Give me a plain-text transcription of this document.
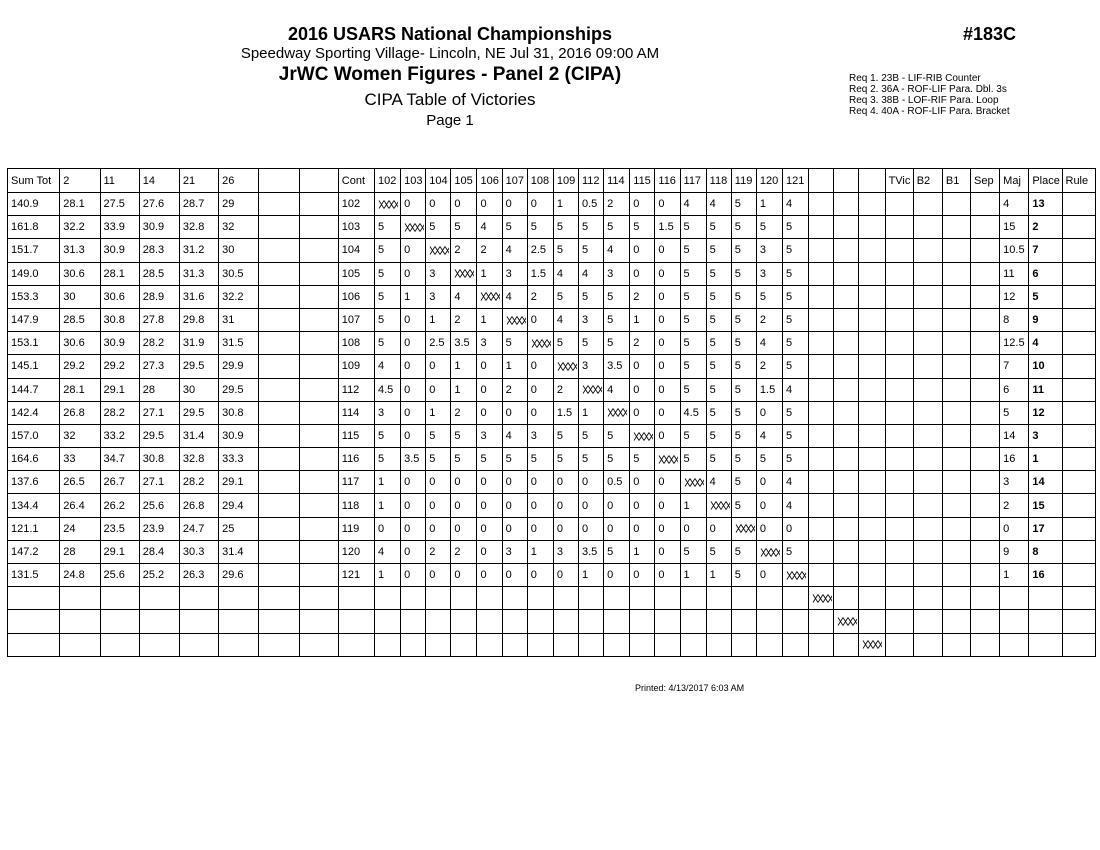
2016 USARS National Championships
Speedway Sporting Village- Lincoln, NE Jul 31, 2016 09:00 AM
JrWC Women Figures - Panel 2 (CIPA)
CIPA Table of Victories
Page 1
#183C
Req 1. 23B - LIF-RIB Counter
Req 2. 36A - ROF-LIF Para. Dbl. 3s
Req 3. 38B - LOF-RIF Para. Loop
Req 4. 40A - ROF-LIF Para. Bracket
Sum Tot	2	11	14	21	26			Cont	102	103	104	105	106	107	108	109	112	114	115	116	117	118	119	120	121				TVic	B2	B1	Sep	Maj	Place	Rule
140.9	28.1	27.5	27.6	28.7	29			102		0	0	0	0	0	0	1	0.5	2	0	0	4	4	5	1	4								4	13	
161.8	32.2	33.9	30.9	32.8	32			103	5		5	5	4	5	5	5	5	5	5	1.5	5	5	5	5	5								15	2	
151.7	31.3	30.9	28.3	31.2	30			104	5	0		2	2	4	2.5	5	5	4	0	0	5	5	5	3	5								10.5	7	
149.0	30.6	28.1	28.5	31.3	30.5			105	5	0	3		1	3	1.5	4	4	3	0	0	5	5	5	3	5								11	6	
153.3	30	30.6	28.9	31.6	32.2			106	5	1	3	4		4	2	5	5	5	2	0	5	5	5	5	5								12	5	
147.9	28.5	30.8	27.8	29.8	31			107	5	0	1	2	1		0	4	3	5	1	0	5	5	5	2	5								8	9	
153.1	30.6	30.9	28.2	31.9	31.5			108	5	0	2.5	3.5	3	5		5	5	5	2	0	5	5	5	4	5								12.5	4	
145.1	29.2	29.2	27.3	29.5	29.9			109	4	0	0	1	0	1	0		3	3.5	0	0	5	5	5	2	5								7	10	
144.7	28.1	29.1	28	30	29.5			112	4.5	0	0	1	0	2	0	2		4	0	0	5	5	5	1.5	4								6	11	
142.4	26.8	28.2	27.1	29.5	30.8			114	3	0	1	2	0	0	0	1.5	1		0	0	4.5	5	5	0	5								5	12	
157.0	32	33.2	29.5	31.4	30.9			115	5	0	5	5	3	4	3	5	5	5		0	5	5	5	4	5								14	3	
164.6	33	34.7	30.8	32.8	33.3			116	5	3.5	5	5	5	5	5	5	5	5	5		5	5	5	5	5								16	1	
137.6	26.5	26.7	27.1	28.2	29.1			117	1	0	0	0	0	0	0	0	0	0.5	0	0		4	5	0	4								3	14	
134.4	26.4	26.2	25.6	26.8	29.4			118	1	0	0	0	0	0	0	0	0	0	0	0	1		5	0	4								2	15	
121.1	24	23.5	23.9	24.7	25			119	0	0	0	0	0	0	0	0	0	0	0	0	0	0		0	0								0	17	
147.2	28	29.1	28.4	30.3	31.4			120	4	0	2	2	0	3	1	3	3.5	5	1	0	5	5	5		5								9	8	
131.5	24.8	25.6	25.2	26.3	29.6			121	1	0	0	0	0	0	0	0	1	0	0	0	1	1	5	0									1	16	

Printed: 4/13/2017 6:03 AM
